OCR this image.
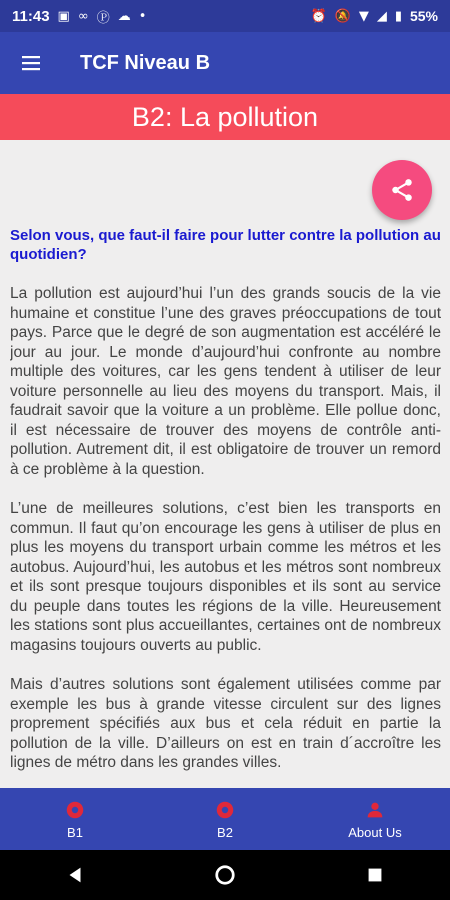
11:43 ▣ ∞ Ⓟ ☁ •	⏰ 🔕 ▼ ◢ ▮ 55%
TCF Niveau B
B2: La pollution

Selon vous, que faut-il faire pour lutter contre la pollution au quotidien?

La pollution est aujourd’hui l’un des grands soucis de la vie humaine et constitue l’une des graves préoccupations de tout pays. Parce que le degré de son augmentation est accéléré le jour au jour. Le monde d’aujourd’hui confronte au nombre multiple des voitures, car les gens tendent à utiliser de leur voiture personnelle au lieu des moyens du transport. Mais, il faudrait savoir que la voiture a un problème. Elle pollue donc, il est nécessaire de trouver des moyens de contrôle anti-pollution. Autrement dit, il est obligatoire de trouver un remord à ce problème à la question.

L’une de meilleures solutions, c’est bien les transports en commun. Il faut qu’on encourage les gens à utiliser de plus en plus les moyens du transport urbain comme les métros et les autobus. Aujourd’hui, les autobus et les métros sont nombreux et ils sont presque toujours disponibles et ils sont au service du peuple dans toutes les régions de la ville. Heureusement les stations sont plus accueillantes, certaines ont de nombreux magasins toujours ouverts au public.

Mais d’autres solutions sont également utilisées comme par exemple les bus à grande vitesse circulent sur des lignes proprement spécifiés aux bus et cela réduit en partie la pollution de la ville. D’ailleurs on est en train d´accroître les lignes de métro dans les grandes villes.

B1	B2	About Us
